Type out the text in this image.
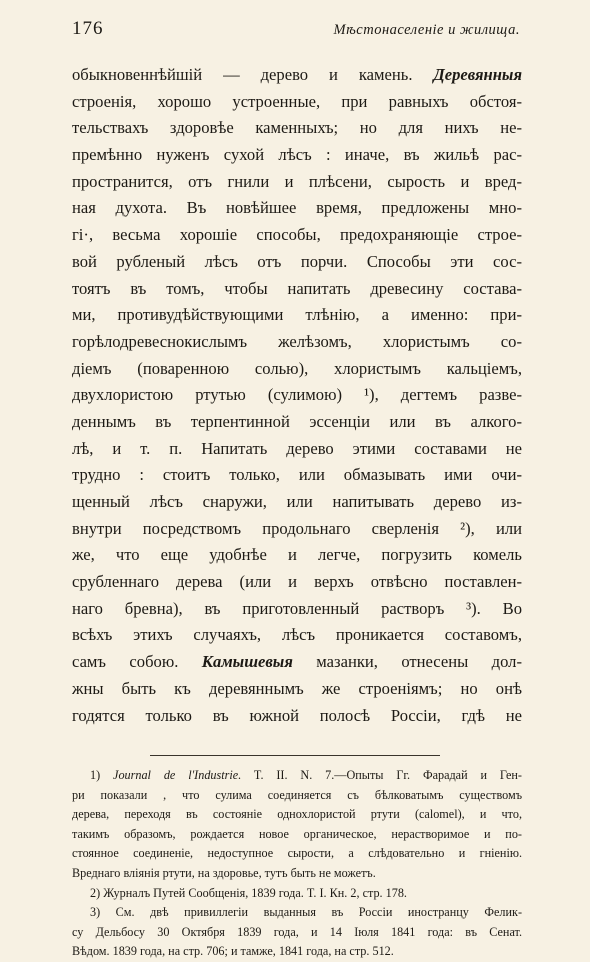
176	Мѣстонаселеніе и жилища.
обыкновеннѣйшій — дерево и камень. Деревянныя
строенія, хорошо устроенные, при равныхъ обстоя-
тельствахъ здоровѣе каменныхъ; но для нихъ не-
премѣнно нуженъ сухой лѣсъ : иначе, въ жильѣ рас-
пространится, отъ гнили и плѣсени, сырость и вред-
ная духота. Въ новѣйшее время, предложены мно-
гі·, весьма хорошіе способы, предохраняющіе строе-
вой рубленый лѣсъ отъ порчи. Способы эти сос-
тоятъ въ томъ, чтобы напитать древесину состава-
ми, противудѣйствующими тлѣнію, а именно: при-
горѣлодревеснокислымъ желѣзомъ, хлористымъ со-
діемъ (поваренною солью), хлористымъ кальціемъ,
двухлористою ртутью (сулимою) ¹), дегтемъ разве-
деннымъ въ терпентинной эссенціи или въ алкого-
лѣ, и т. п. Напитать дерево этими составами не
трудно : стоитъ только, или обмазывать ими очи-
щенный лѣсъ снаружи, или напитывать дерево из-
внутри посредствомъ продольнаго сверленія ²), или
же, что еще удобнѣе и легче, погрузить комель
срубленнаго дерева (или и верхъ отвѣсно поставлен-
наго бревна), въ приготовленный растворъ ³). Во
всѣхъ этихъ случаяхъ, лѣсъ проникается составомъ,
самъ собою. Камышевыя мазанки, отнесены дол-
жны быть къ деревяннымъ же строеніямъ; но онѣ
годятся только въ южной полосѣ Россіи, гдѣ не
1) Journal de l'Industrie. T. II. N. 7.—Опыты Гг. Фарадай и Ген-
ри показали , что сулима соединяется съ бѣлковатымъ существомъ
дерева, переходя въ состояніе однохлористой ртути (calomel), и что,
такимъ образомъ, рождается новое органическое, нерастворимое и по-
стоянное соединеніе, недоступное сырости, а слѣдовательно и гніенію.
Вреднаго вліянія ртути, на здоровье, тутъ быть не можетъ.
2) Журналъ Путей Сообщенія, 1839 года. T. I. Кн. 2, стр. 178.
3) См. двѣ привиллегіи выданныя въ Россіи иностранцу Фелик-
су Дельбосу 30 Октября 1839 года, и 14 Іюля 1841 года: въ Сенат.
Вѣдом. 1839 года, на стр. 706; и тамже, 1841 года, на стр. 512.
